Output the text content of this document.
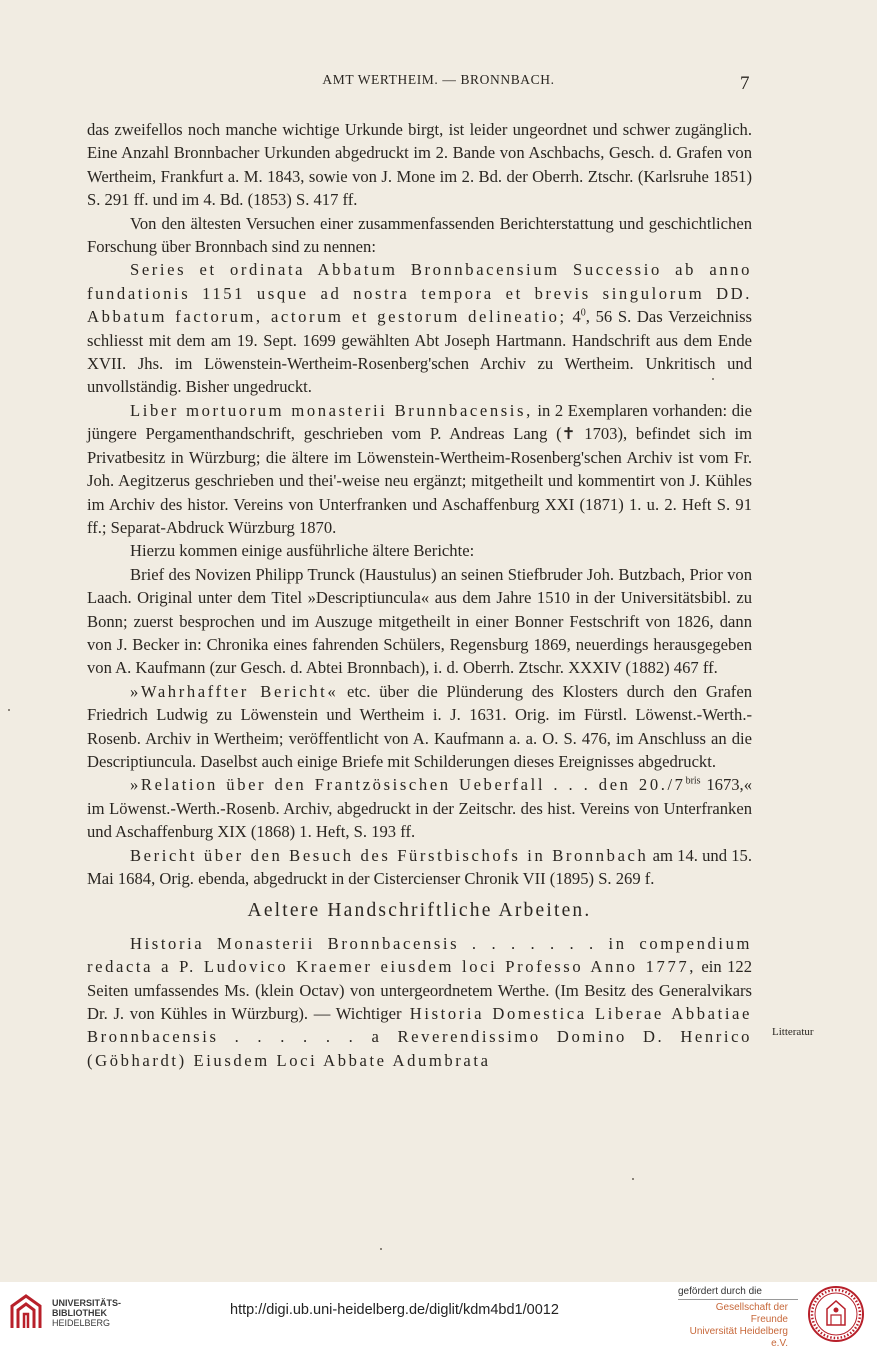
AMT WERTHEIM. — BRONNBACH.	7

das zweifellos noch manche wichtige Urkunde birgt, ist leider ungeordnet und schwer zugänglich. Eine Anzahl Bronnbacher Urkunden abgedruckt im 2. Bande von Aschbachs, Gesch. d. Grafen von Wertheim, Frankfurt a. M. 1843, sowie von J. Mone im 2. Bd. der Oberrh. Ztschr. (Karlsruhe 1851) S. 291 ff. und im 4. Bd. (1853) S. 417 ff.

Von den ältesten Versuchen einer zusammenfassenden Berichterstattung und geschichtlichen Forschung über Bronnbach sind zu nennen:

Series et ordinata Abbatum Bronnbacensium Successio ab anno fundationis 1151 usque ad nostra tempora et brevis singulorum DD. Abbatum factorum, actorum et gestorum delineatio; $4^0$, 56 S. Das Verzeichniss schliesst mit dem am 19. Sept. 1699 gewählten Abt Joseph Hartmann. Handschrift aus dem Ende XVII. Jhs. im Löwenstein-Wertheim-Rosenberg'schen Archiv zu Wertheim. Unkritisch und unvollständig. Bisher ungedruckt.

Liber mortuorum monasterii Brunnbacensis, in 2 Exemplaren vorhanden: die jüngere Pergamenthandschrift, geschrieben vom P. Andreas Lang (✝ 1703), befindet sich im Privatbesitz in Würzburg; die ältere im Löwenstein-Wertheim-Rosenberg'schen Archiv ist vom Fr. Joh. Aegitzerus geschrieben und thei'-weise neu ergänzt; mitgetheilt und kommentirt von J. Kühles im Archiv des histor. Vereins von Unterfranken und Aschaffenburg XXI (1871) 1. u. 2. Heft S. 91 ff.; Separat-Abdruck Würzburg 1870.

Hierzu kommen einige ausführliche ältere Berichte:

Brief des Novizen Philipp Trunck (Haustulus) an seinen Stiefbruder Joh. Butzbach, Prior von Laach. Original unter dem Titel »Descriptiuncula« aus dem Jahre 1510 in der Universitätsbibl. zu Bonn; zuerst besprochen und im Auszuge mitgetheilt in einer Bonner Festschrift von 1826, dann von J. Becker in: Chronika eines fahrenden Schülers, Regensburg 1869, neuerdings herausgegeben von A. Kaufmann (zur Gesch. d. Abtei Bronnbach), i. d. Oberrh. Ztschr. XXXIV (1882) 467 ff.

»Wahrhaffter Bericht« etc. über die Plünderung des Klosters durch den Grafen Friedrich Ludwig zu Löwenstein und Wertheim i. J. 1631. Orig. im Fürstl. Löwenst.-Werth.-Rosenb. Archiv in Wertheim; veröffentlicht von A. Kaufmann a. a. O. S. 476, im Anschluss an die Descriptiuncula. Daselbst auch einige Briefe mit Schilderungen dieses Ereignisses abgedruckt.

»Relation über den Frantzösischen Ueberfall . . . den $20./7^{bris}$ 1673,« im Löwenst.-Werth.-Rosenb. Archiv, abgedruckt in der Zeitschr. des hist. Vereins von Unterfranken und Aschaffenburg XIX (1868) 1. Heft, S. 193 ff.

Bericht über den Besuch des Fürstbischofs in Bronnbach am 14. und 15. Mai 1684, Orig. ebenda, abgedruckt in der Cistercienser Chronik VII (1895) S. 269 f.

Aeltere Handschriftliche Arbeiten.

Historia Monasterii Bronnbacensis . . . . . . . in compendium redacta a P. Ludovico Kraemer eiusdem loci Professo Anno 1777, ein 122 Seiten umfassendes Ms. (klein Octav) von untergeordnetem Werthe. (Im Besitz des Generalvikars Dr. J. von Kühles in Würzburg). — Wichtiger Historia Domestica Liberae Abbatiae Bronnbacensis . . . . . . a Reverendissimo Domino D. Henrico (Göbhardt) Eiusdem Loci Abbate Adumbrata

Litteratur
UNIVERSITÄTS-
BIBLIOTHEK
HEIDELBERG
http://digi.ub.uni-heidelberg.de/diglit/kdm4bd1/0012
gefördert durch die
Gesellschaft der Freunde
Universität Heidelberg e.V.
